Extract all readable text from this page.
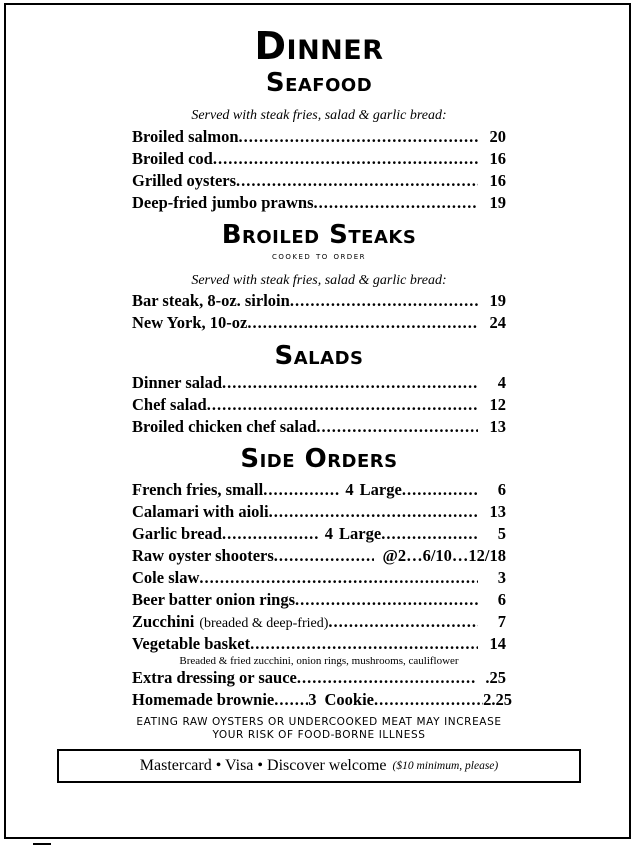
Dinner
Seafood
Served with steak fries, salad & garlic bread:
Broiled salmon .....	20
Broiled cod .....	16
Grilled oysters .....	16
Deep-fried jumbo prawns .....	19
Broiled Steaks
cooked to order
Served with steak fries, salad & garlic bread:
Bar steak, 8-oz. sirloin .....	19
New York, 10-oz .....	24
Salads
Dinner salad .....	4
Chef salad .....	12
Broiled chicken chef salad .....	13
Side Orders
French fries, small .....	4 Large .....	6
Calamari with aioli .....	13
Garlic bread .....	4 Large .....	5
Raw oyster shooters .....	@2…6/10…12/18
Cole slaw .....	3
Beer batter onion rings .....	6
Zucchini (breaded & deep-fried) .....	7
Vegetable basket .....	14
Breaded & fried zucchini, onion rings, mushrooms, cauliflower
Extra dressing or sauce .....	.25
Homemade brownie ..... 3 Cookie .....	2.25
EATING RAW OYSTERS OR UNDERCOOKED MEAT MAY INCREASE
YOUR RISK OF FOOD-BORNE ILLNESS
Mastercard • Visa • Discover welcome ($10 minimum, please)
